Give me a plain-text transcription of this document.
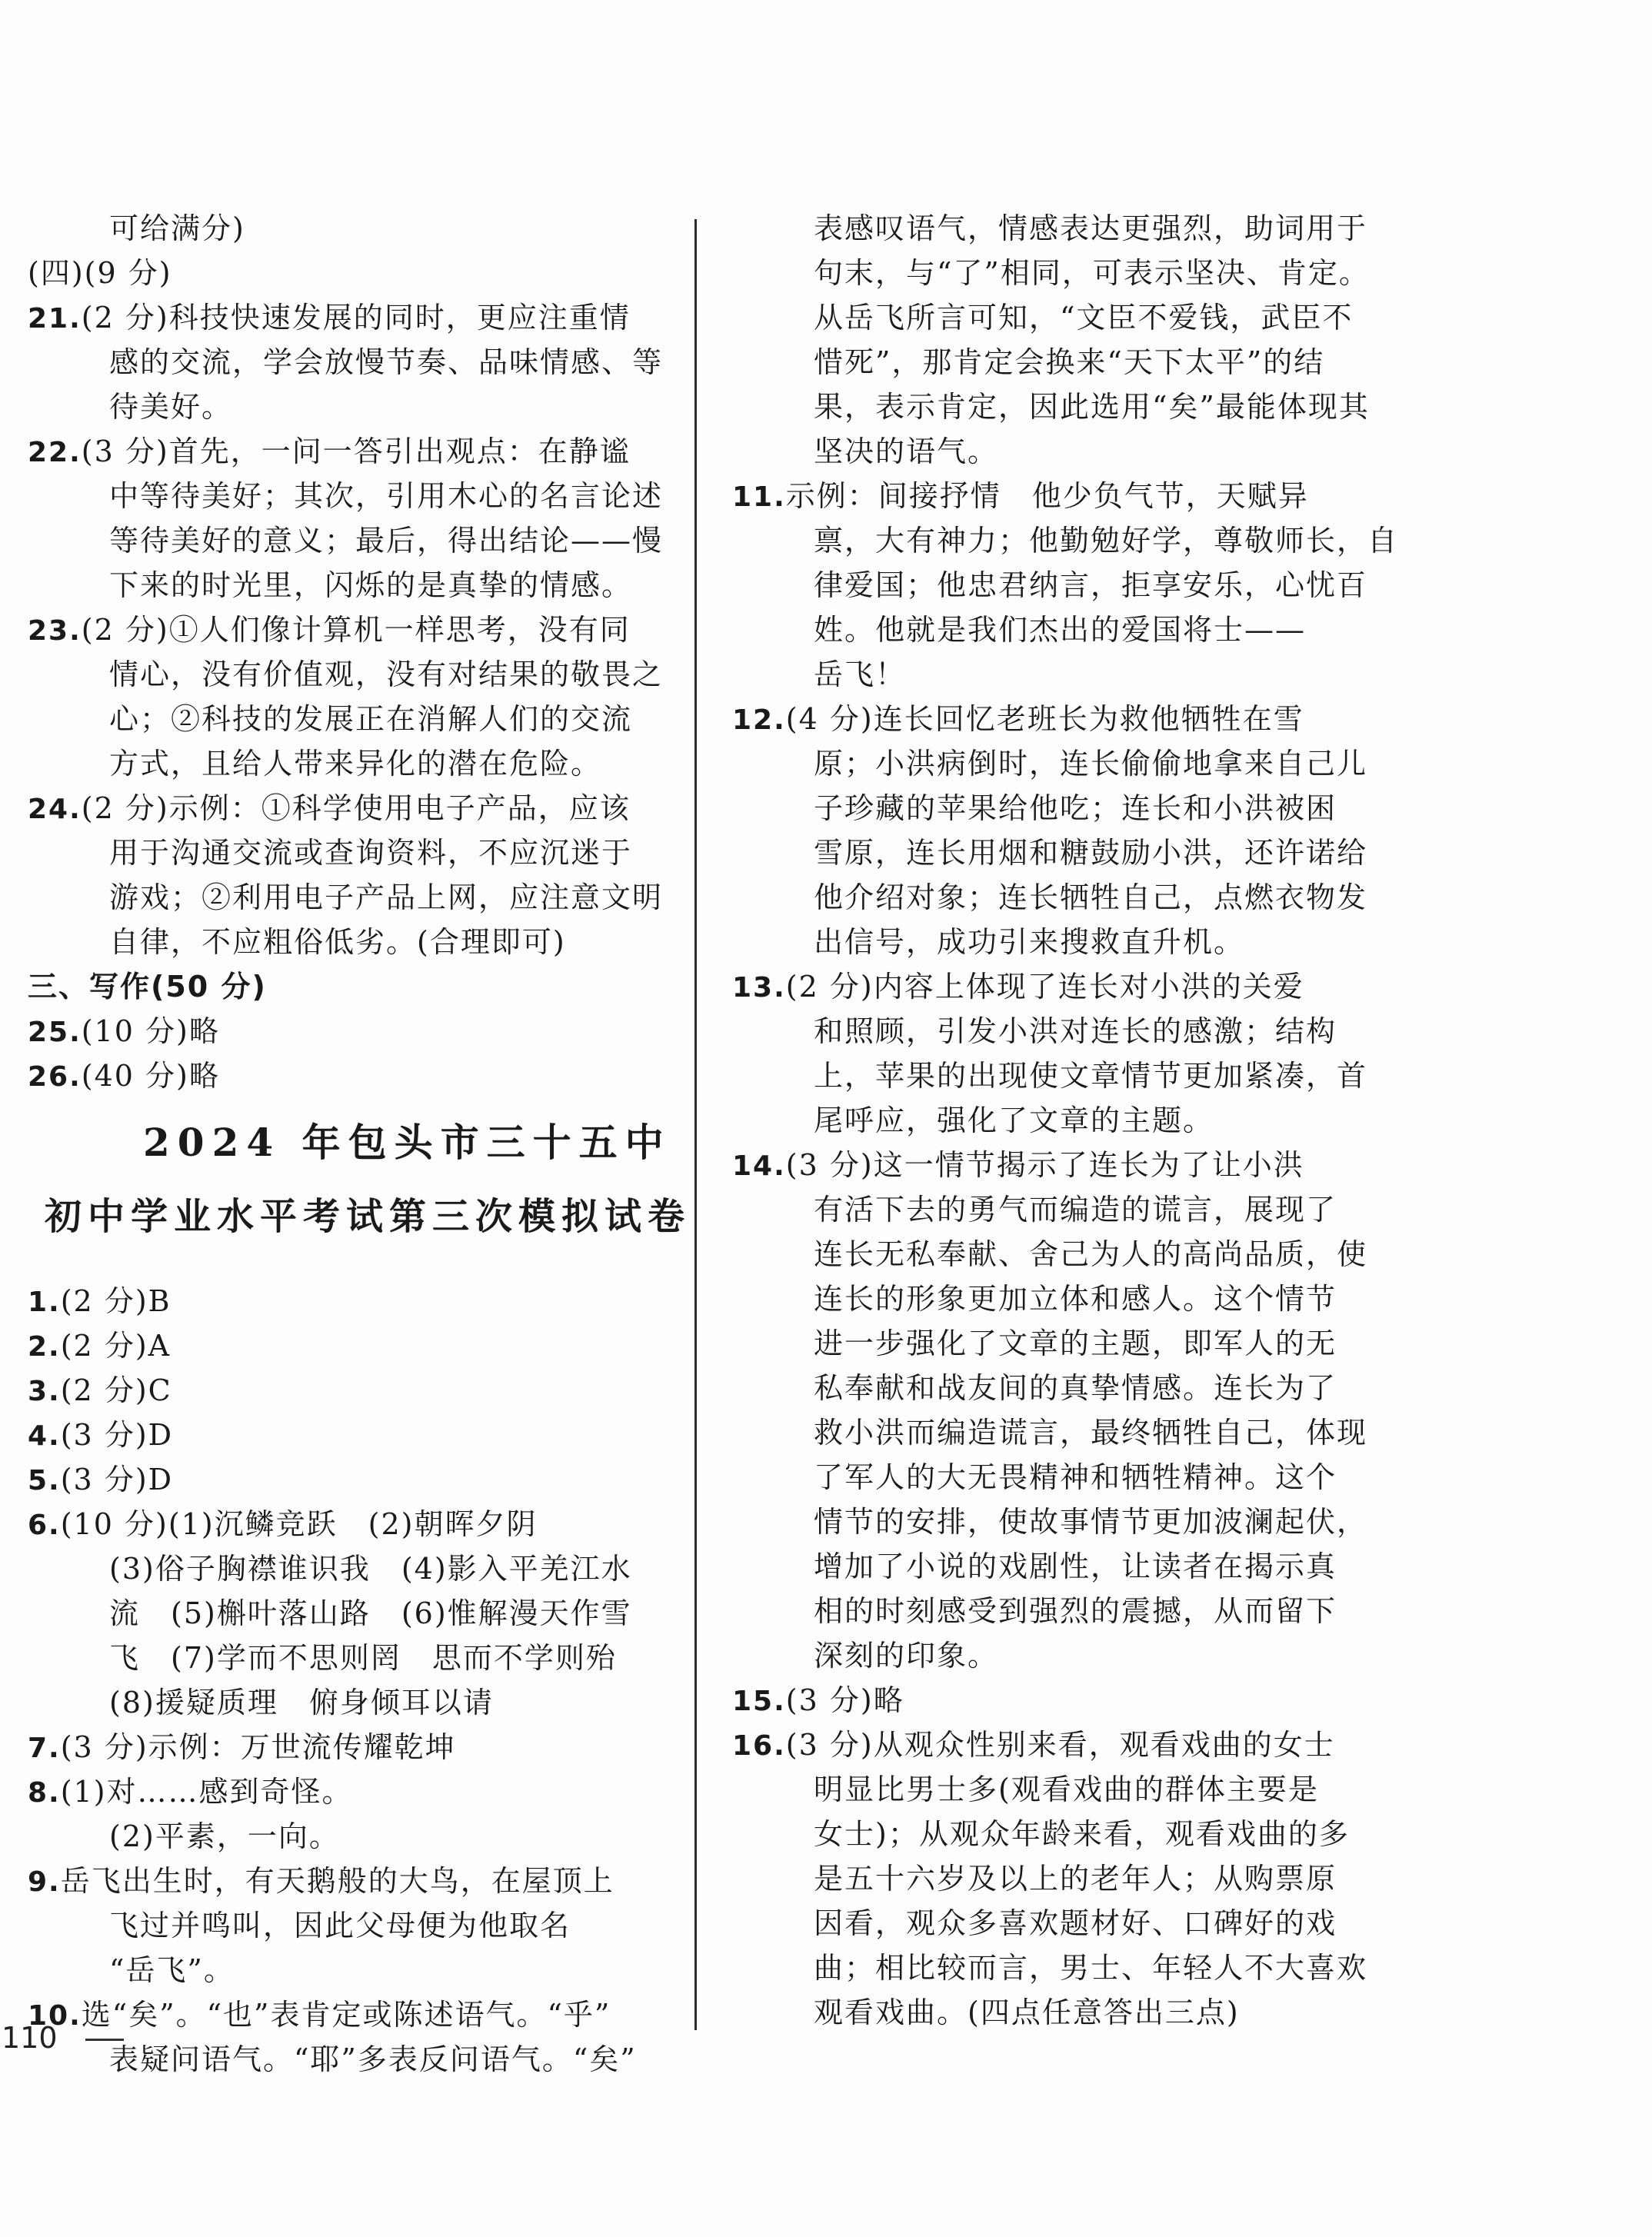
可给满分)
(四)(9 分)
21.(2 分)科技快速发展的同时，更应注重情
感的交流，学会放慢节奏、品味情感、等
待美好。
22.(3 分)首先，一问一答引出观点：在静谧
中等待美好；其次，引用木心的名言论述
等待美好的意义；最后，得出结论——慢
下来的时光里，闪烁的是真挚的情感。
23.(2 分)①人们像计算机一样思考，没有同
情心，没有价值观，没有对结果的敬畏之
心；②科技的发展正在消解人们的交流
方式，且给人带来异化的潜在危险。
24.(2 分)示例：①科学使用电子产品，应该
用于沟通交流或查询资料，不应沉迷于
游戏；②利用电子产品上网，应注意文明
自律，不应粗俗低劣。(合理即可)
三、写作(50 分)
25.(10 分)略
26.(40 分)略
2024 年包头市三十五中
初中学业水平考试第三次模拟试卷
1.(2 分)B
2.(2 分)A
3.(2 分)C
4.(3 分)D
5.(3 分)D
6.(10 分)(1)沉鳞竞跃　(2)朝晖夕阴
(3)俗子胸襟谁识我　(4)影入平羌江水
流　(5)槲叶落山路　(6)惟解漫天作雪
飞　(7)学而不思则罔　思而不学则殆
(8)援疑质理　俯身倾耳以请
7.(3 分)示例：万世流传耀乾坤
8.(1)对……感到奇怪。
(2)平素，一向。
9.岳飞出生时，有天鹅般的大鸟，在屋顶上
飞过并鸣叫，因此父母便为他取名
“岳飞”。
10.选“矣”。“也”表肯定或陈述语气。“乎”
表疑问语气。“耶”多表反问语气。“矣”
表感叹语气，情感表达更强烈，助词用于
句末，与“了”相同，可表示坚决、肯定。
从岳飞所言可知，“文臣不爱钱，武臣不
惜死”，那肯定会换来“天下太平”的结
果，表示肯定，因此选用“矣”最能体现其
坚决的语气。
11.示例：间接抒情　他少负气节，天赋异
禀，大有神力；他勤勉好学，尊敬师长，自
律爱国；他忠君纳言，拒享安乐，心忧百
姓。他就是我们杰出的爱国将士——
岳飞！
12.(4 分)连长回忆老班长为救他牺牲在雪
原；小洪病倒时，连长偷偷地拿来自己儿
子珍藏的苹果给他吃；连长和小洪被困
雪原，连长用烟和糖鼓励小洪，还许诺给
他介绍对象；连长牺牲自己，点燃衣物发
出信号，成功引来搜救直升机。
13.(2 分)内容上体现了连长对小洪的关爱
和照顾，引发小洪对连长的感激；结构
上，苹果的出现使文章情节更加紧凑，首
尾呼应，强化了文章的主题。
14.(3 分)这一情节揭示了连长为了让小洪
有活下去的勇气而编造的谎言，展现了
连长无私奉献、舍己为人的高尚品质，使
连长的形象更加立体和感人。这个情节
进一步强化了文章的主题，即军人的无
私奉献和战友间的真挚情感。连长为了
救小洪而编造谎言，最终牺牲自己，体现
了军人的大无畏精神和牺牲精神。这个
情节的安排，使故事情节更加波澜起伏，
增加了小说的戏剧性，让读者在揭示真
相的时刻感受到强烈的震撼，从而留下
深刻的印象。
15.(3 分)略
16.(3 分)从观众性别来看，观看戏曲的女士
明显比男士多(观看戏曲的群体主要是
女士)；从观众年龄来看，观看戏曲的多
是五十六岁及以上的老年人；从购票原
因看，观众多喜欢题材好、口碑好的戏
曲；相比较而言，男士、年轻人不大喜欢
观看戏曲。(四点任意答出三点)
110
